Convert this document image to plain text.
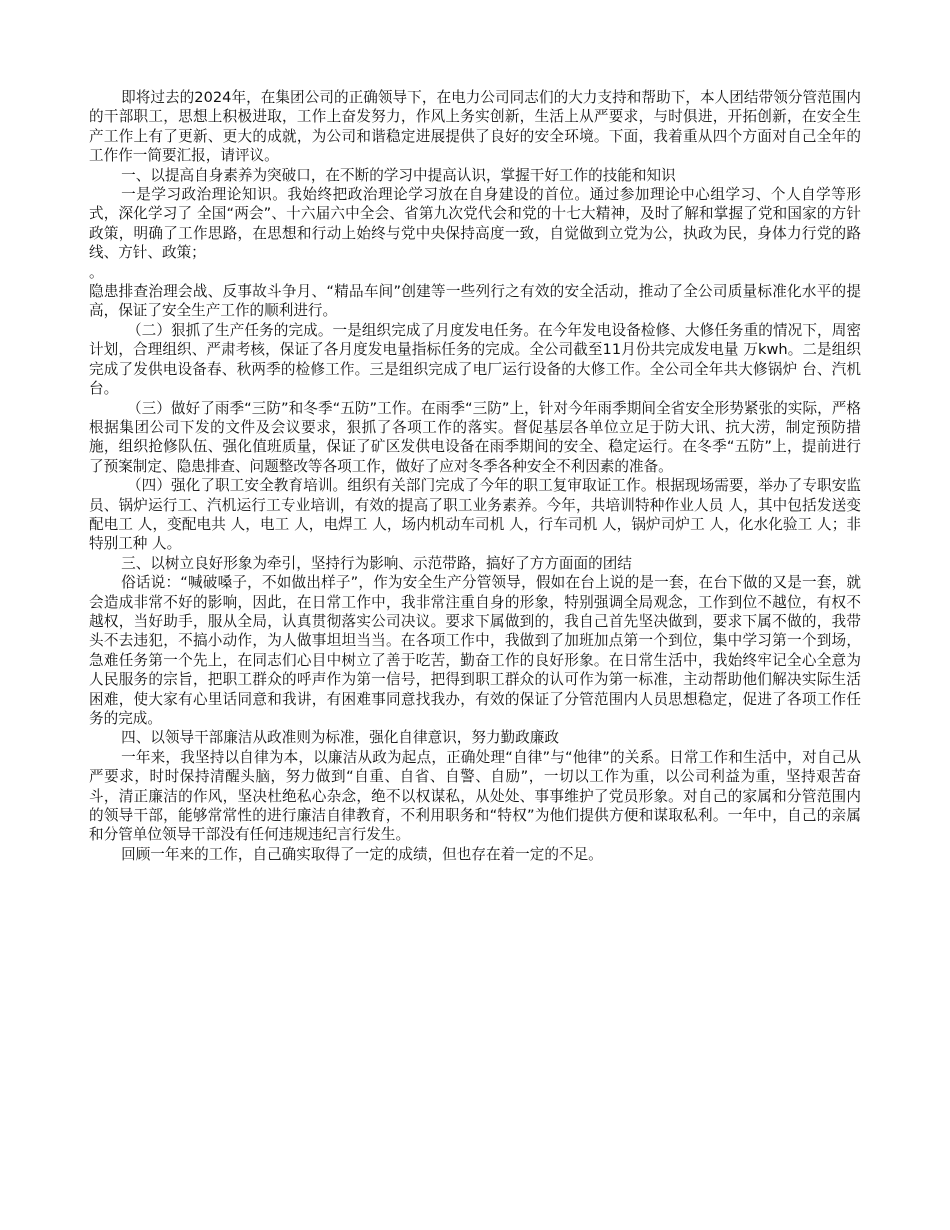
即将过去的2024年，在集团公司的正确领导下，在电力公司同志们的大力支持和帮助下，本人团结带领分管范围内的干部职工，思想上积极进取，工作上奋发努力，作风上务实创新，生活上从严要求，与时俱进，开拓创新，在安全生产工作上有了更新、更大的成就，为公司和谐稳定进展提供了良好的安全环境。下面，我着重从四个方面对自己全年的工作作一简要汇报，请评议。

一、以提高自身素养为突破口，在不断的学习中提高认识，掌握干好工作的技能和知识

一是学习政治理论知识。我始终把政治理论学习放在自身建设的首位。通过参加理论中心组学习、个人自学等形式，深化学习了 全国“两会”、十六届六中全会、省第九次党代会和党的十七大精神，及时了解和掌握了党和国家的方针政策，明确了工作思路，在思想和行动上始终与党中央保持高度一致，自觉做到立党为公，执政为民，身体力行党的路线、方针、政策；

。

隐患排查治理会战、反事故斗争月、“精品车间”创建等一些列行之有效的安全活动，推动了全公司质量标准化水平的提高，保证了安全生产工作的顺利进行。

（二）狠抓了生产任务的完成。一是组织完成了月度发电任务。在今年发电设备检修、大修任务重的情况下，周密计划，合理组织、严肃考核，保证了各月度发电量指标任务的完成。全公司截至11月份共完成发电量 万kwh。二是组织完成了发供电设备春、秋两季的检修工作。三是组织完成了电厂运行设备的大修工作。全公司全年共大修锅炉 台、汽机 台。

（三）做好了雨季“三防”和冬季“五防”工作。在雨季“三防”上，针对今年雨季期间全省安全形势紧张的实际，严格根据集团公司下发的文件及会议要求，狠抓了各项工作的落实。督促基层各单位立足于防大讯、抗大涝，制定预防措施，组织抢修队伍、强化值班质量，保证了矿区发供电设备在雨季期间的安全、稳定运行。在冬季“五防”上，提前进行了预案制定、隐患排查、问题整改等各项工作，做好了应对冬季各种安全不利因素的准备。

（四）强化了职工安全教育培训。组织有关部门完成了今年的职工复审取证工作。根据现场需要，举办了专职安监员、锅炉运行工、汽机运行工专业培训，有效的提高了职工业务素养。今年，共培训特种作业人员 人，其中包括发送变配电工 人，变配电共 人，电工 人，电焊工 人，场内机动车司机 人，行车司机 人，锅炉司炉工 人，化水化验工 人；非特别工种 人。

三、以树立良好形象为牵引，坚持行为影响、示范带路，搞好了方方面面的团结

俗话说：“喊破嗓子，不如做出样子”，作为安全生产分管领导，假如在台上说的是一套，在台下做的又是一套，就会造成非常不好的影响，因此，在日常工作中，我非常注重自身的形象，特别强调全局观念，工作到位不越位，有权不越权，当好助手，服从全局，认真贯彻落实公司决议。要求下属做到的，我自己首先坚决做到，要求下属不做的，我带头不去违犯，不搞小动作，为人做事坦坦当当。在各项工作中，我做到了加班加点第一个到位，集中学习第一个到场，急难任务第一个先上，在同志们心目中树立了善于吃苦，勤奋工作的良好形象。在日常生活中，我始终牢记全心全意为人民服务的宗旨，把职工群众的呼声作为第一信号，把得到职工群众的认可作为第一标准，主动帮助他们解决实际生活困难，使大家有心里话同意和我讲，有困难事同意找我办，有效的保证了分管范围内人员思想稳定，促进了各项工作任务的完成。

四、以领导干部廉洁从政准则为标准，强化自律意识，努力勤政廉政

一年来，我坚持以自律为本，以廉洁从政为起点，正确处理“自律”与“他律”的关系。日常工作和生活中，对自己从严要求，时时保持清醒头脑，努力做到“自重、自省、自警、自励”，一切以工作为重，以公司利益为重，坚持艰苦奋斗，清正廉洁的作风，坚决杜绝私心杂念，绝不以权谋私，从处处、事事维护了党员形象。对自己的家属和分管范围内的领导干部，能够常常性的进行廉洁自律教育，不利用职务和“特权”为他们提供方便和谋取私利。一年中，自己的亲属和分管单位领导干部没有任何违规违纪言行发生。

回顾一年来的工作，自己确实取得了一定的成绩，但也存在着一定的不足。
